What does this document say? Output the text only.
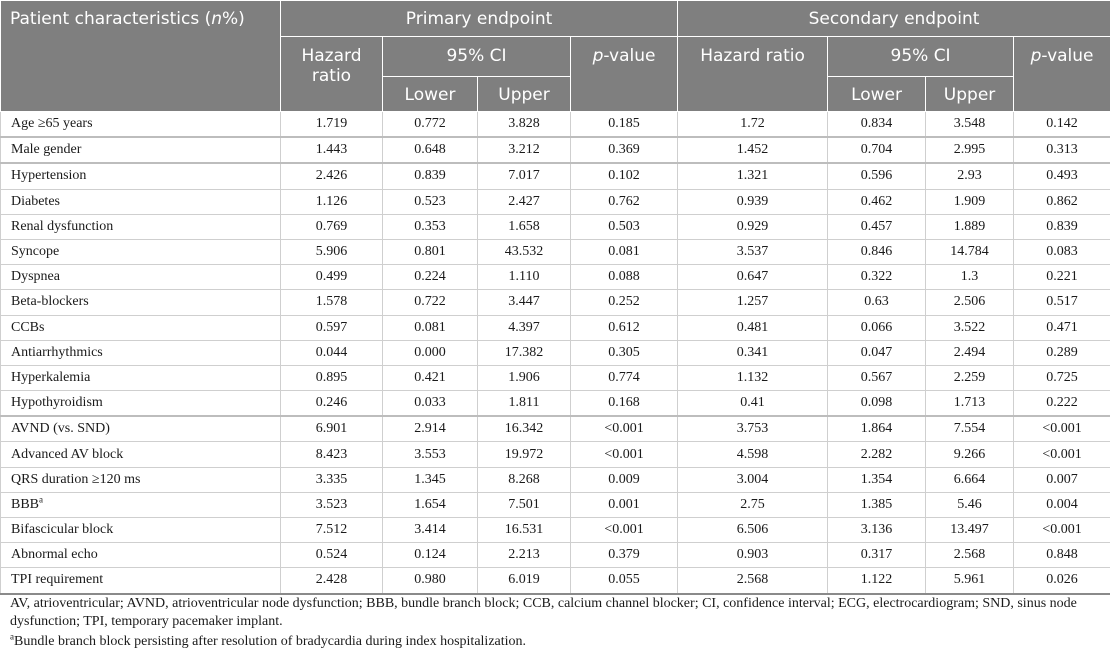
Patient characteristics (n%)	Primary endpoint				Secondary endpoint			
	Hazard ratio	95% CI		p-value	Hazard ratio	95% CI		p-value
		Lower	Upper			Lower	Upper	
Age ≥65 years	1.719	0.772	3.828	0.185	1.72	0.834	3.548	0.142
Male gender	1.443	0.648	3.212	0.369	1.452	0.704	2.995	0.313
Hypertension	2.426	0.839	7.017	0.102	1.321	0.596	2.93	0.493
Diabetes	1.126	0.523	2.427	0.762	0.939	0.462	1.909	0.862
Renal dysfunction	0.769	0.353	1.658	0.503	0.929	0.457	1.889	0.839
Syncope	5.906	0.801	43.532	0.081	3.537	0.846	14.784	0.083
Dyspnea	0.499	0.224	1.110	0.088	0.647	0.322	1.3	0.221
Beta-blockers	1.578	0.722	3.447	0.252	1.257	0.63	2.506	0.517
CCBs	0.597	0.081	4.397	0.612	0.481	0.066	3.522	0.471
Antiarrhythmics	0.044	0.000	17.382	0.305	0.341	0.047	2.494	0.289
Hyperkalemia	0.895	0.421	1.906	0.774	1.132	0.567	2.259	0.725
Hypothyroidism	0.246	0.033	1.811	0.168	0.41	0.098	1.713	0.222
AVND (vs. SND)	6.901	2.914	16.342	<0.001	3.753	1.864	7.554	<0.001
Advanced AV block	8.423	3.553	19.972	<0.001	4.598	2.282	9.266	<0.001
QRS duration ≥120 ms	3.335	1.345	8.268	0.009	3.004	1.354	6.664	0.007
BBB$^a$	3.523	1.654	7.501	0.001	2.75	1.385	5.46	0.004
Bifascicular block	7.512	3.414	16.531	<0.001	6.506	3.136	13.497	<0.001
Abnormal echo	0.524	0.124	2.213	0.379	0.903	0.317	2.568	0.848
TPI requirement	2.428	0.980	6.019	0.055	2.568	1.122	5.961	0.026

AV, atrioventricular; AVND, atrioventricular node dysfunction; BBB, bundle branch block; CCB, calcium channel blocker; CI, confidence interval; ECG, electrocardiogram; SND, sinus node dysfunction; TPI, temporary pacemaker implant.

$^a$Bundle branch block persisting after resolution of bradycardia during index hospitalization.
